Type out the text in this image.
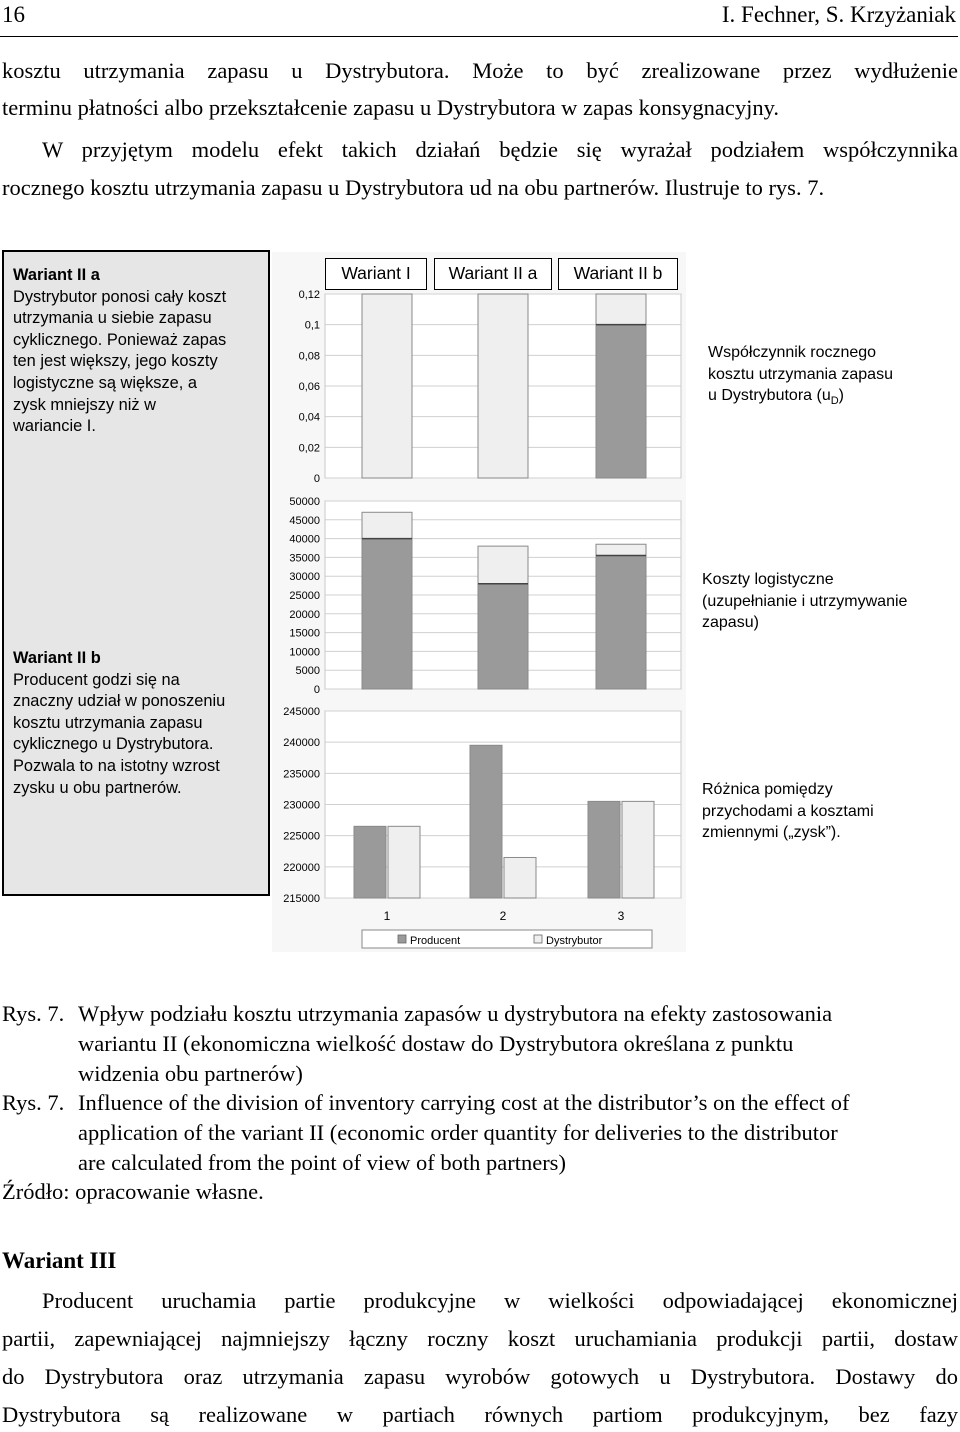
16	I. Fechner, S. Krzyżaniak
kosztu utrzymania zapasu u Dystrybutora. Może to być zrealizowane przez wydłużenie
terminu płatności albo przekształcenie zapasu u Dystrybutora w zapas konsygnacyjny.
W przyjętym modelu efekt takich działań będzie się wyrażał podziałem współczynnika
rocznego kosztu utrzymania zapasu u Dystrybutora ud na obu partnerów. Ilustruje to rys. 7.
Wariant II a
Dystrybutor ponosi cały koszt
utrzymania u siebie zapasu
cyklicznego. Ponieważ zapas
ten jest większy, jego koszty
logistyczne są większe, a
zysk mniejszy niż w
wariancie I.
Wariant II b
Producent godzi się na
znaczny udział w ponoszeniu
kosztu utrzymania zapasu
cyklicznego u Dystrybutora.
Pozwala to na istotny wzrost
zysku u obu partnerów.
0,12
0,1
0,08
0,06
0,04
0,02
0
50000
45000
40000
35000
30000
25000
20000
15000
10000
5000
0
245000
240000
235000
230000
225000
220000
215000
1	2	3
Producent	Dystrybutor
Wariant I	Wariant II a	Wariant II b
Współczynnik rocznego
kosztu utrzymania zapasu
u Dystrybutora $(u_D)$
Koszty logistyczne
(uzupełnianie i utrzymywanie
zapasu)
Różnica pomiędzy
przychodami a kosztami
zmiennymi („zysk”).
Rys. 7. Wpływ podziału kosztu utrzymania zapasów u dystrybutora na efekty zastosowania
wariantu II (ekonomiczna wielkość dostaw do Dystrybutora określana z punktu
widzenia obu partnerów)
Rys. 7. Influence of the division of inventory carrying cost at the distributor’s on the effect of
application of the variant II (economic order quantity for deliveries to the distributor
are calculated from the point of view of both partners)
Źródło: opracowanie własne.
Wariant III
Producent uruchamia partie produkcyjne w wielkości odpowiadającej ekonomicznej
partii, zapewniającej najmniejszy łączny roczny koszt uruchamiania produkcji partii, dostaw
do Dystrybutora oraz utrzymania zapasu wyrobów gotowych u Dystrybutora. Dostawy do
Dystrybutora są realizowane w partiach równych partiom produkcyjnym, bez fazy
